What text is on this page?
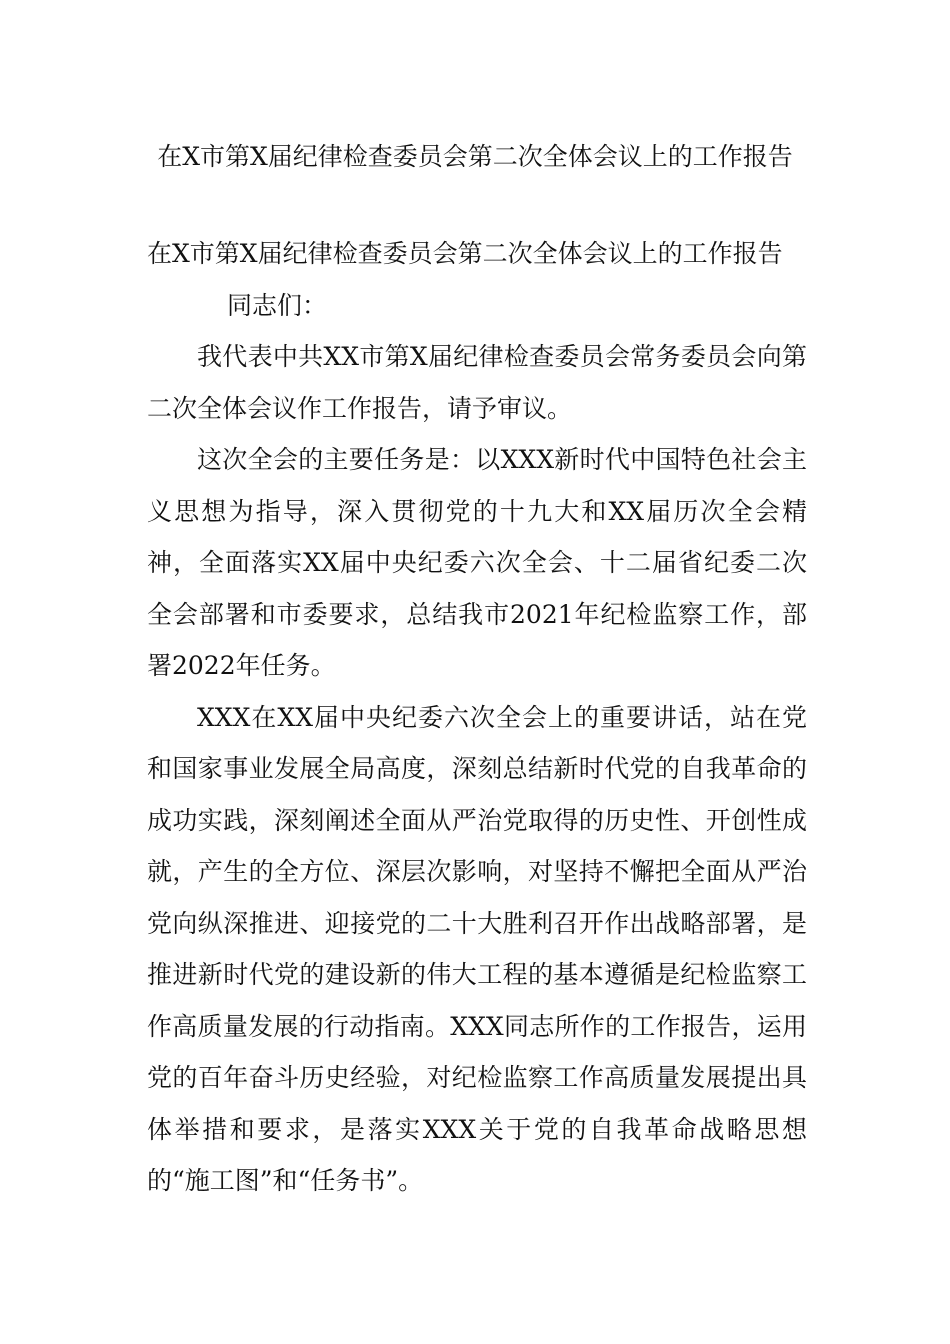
在X市第X届纪律检查委员会第二次全体会议上的工作报告

在X市第X届纪律检查委员会第二次全体会议上的工作报告

同志们：

我代表中共XX市第X届纪律检查委员会常务委员会向第二次全体会议作工作报告，请予审议。

这次全会的主要任务是：以XXX新时代中国特色社会主义思想为指导，深入贯彻党的十九大和XX届历次全会精神，全面落实XX届中央纪委六次全会、十二届省纪委二次全会部署和市委要求，总结我市2021年纪检监察工作，部署2022年任务。

XXX在XX届中央纪委六次全会上的重要讲话，站在党和国家事业发展全局高度，深刻总结新时代党的自我革命的成功实践，深刻阐述全面从严治党取得的历史性、开创性成就，产生的全方位、深层次影响，对坚持不懈把全面从严治党向纵深推进、迎接党的二十大胜利召开作出战略部署，是推进新时代党的建设新的伟大工程的基本遵循是纪检监察工作高质量发展的行动指南。XXX同志所作的工作报告，运用党的百年奋斗历史经验，对纪检监察工作高质量发展提出具体举措和要求，是落实XXX关于党的自我革命战略思想的“施工图”和“任务书”。
